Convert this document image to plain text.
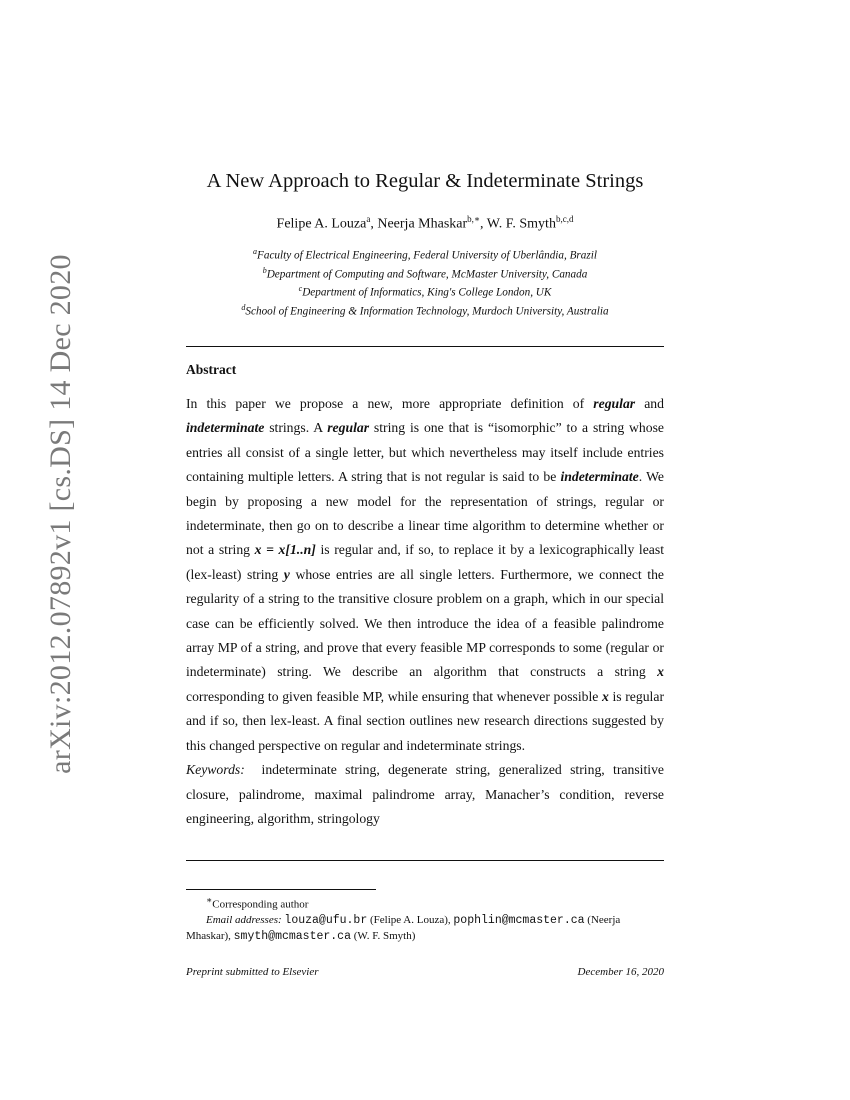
arXiv:2012.07892v1 [cs.DS] 14 Dec 2020
A New Approach to Regular & Indeterminate Strings
Felipe A. Louza$^a$, Neerja Mhaskar$^{b,∗}$, W. F. Smyth$^{b,c,d}$
$^a$Faculty of Electrical Engineering, Federal University of Uberlândia, Brazil
$^b$Department of Computing and Software, McMaster University, Canada
$^c$Department of Informatics, King's College London, UK
$^d$School of Engineering & Information Technology, Murdoch University, Australia
Abstract
In this paper we propose a new, more appropriate definition of regular and indeterminate strings. A regular string is one that is “isomorphic” to a string whose entries all consist of a single letter, but which nevertheless may itself include entries containing multiple letters. A string that is not regular is said to be indeterminate. We begin by proposing a new model for the representation of strings, regular or indeterminate, then go on to describe a linear time algorithm to determine whether or not a string x = x[1..n] is regular and, if so, to replace it by a lexicographically least (lex-least) string y whose entries are all single letters. Furthermore, we connect the regularity of a string to the transitive closure problem on a graph, which in our special case can be efficiently solved. We then introduce the idea of a feasible palindrome array MP of a string, and prove that every feasible MP corresponds to some (regular or indeterminate) string. We describe an algorithm that constructs a string x corresponding to given feasible MP, while ensuring that whenever possible x is regular and if so, then lex-least. A final section outlines new research directions suggested by this changed perspective on regular and indeterminate strings.
Keywords: indeterminate string, degenerate string, generalized string, transitive closure, palindrome, maximal palindrome array, Manacher’s condition, reverse engineering, algorithm, stringology
∗Corresponding author
Email addresses: louza@ufu.br (Felipe A. Louza), pophlin@mcmaster.ca (Neerja Mhaskar), smyth@mcmaster.ca (W. F. Smyth)
Preprint submitted to Elsevier	December 16, 2020
